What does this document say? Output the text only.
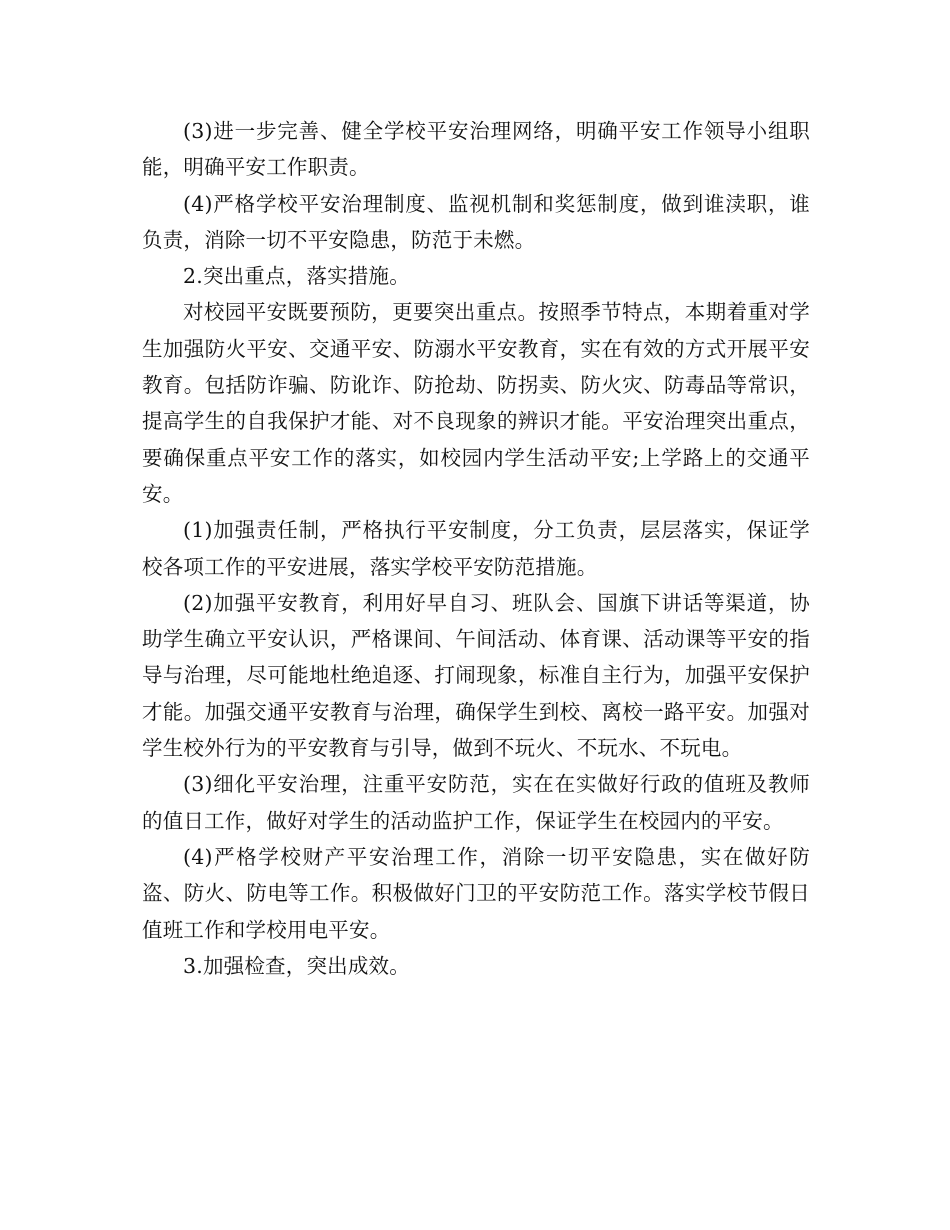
(3)进一步完善、健全学校平安治理网络，明确平安工作领导小组职能，明确平安工作职责。

(4)严格学校平安治理制度、监视机制和奖惩制度，做到谁渎职，谁负责，消除一切不平安隐患，防范于未燃。

2.突出重点，落实措施。

对校园平安既要预防，更要突出重点。按照季节特点，本期着重对学生加强防火平安、交通平安、防溺水平安教育，实在有效的方式开展平安教育。包括防诈骗、防讹诈、防抢劫、防拐卖、防火灾、防毒品等常识，提高学生的自我保护才能、对不良现象的辨识才能。平安治理突出重点，要确保重点平安工作的落实，如校园内学生活动平安;上学路上的交通平安。

(1)加强责任制，严格执行平安制度，分工负责，层层落实，保证学校各项工作的平安进展，落实学校平安防范措施。

(2)加强平安教育，利用好早自习、班队会、国旗下讲话等渠道，协助学生确立平安认识，严格课间、午间活动、体育课、活动课等平安的指导与治理，尽可能地杜绝追逐、打闹现象，标准自主行为，加强平安保护才能。加强交通平安教育与治理，确保学生到校、离校一路平安。加强对学生校外行为的平安教育与引导，做到不玩火、不玩水、不玩电。

(3)细化平安治理，注重平安防范，实在在实做好行政的值班及教师的值日工作，做好对学生的活动监护工作，保证学生在校园内的平安。

(4)严格学校财产平安治理工作，消除一切平安隐患，实在做好防盗、防火、防电等工作。积极做好门卫的平安防范工作。落实学校节假日值班工作和学校用电平安。

3.加强检查，突出成效。
